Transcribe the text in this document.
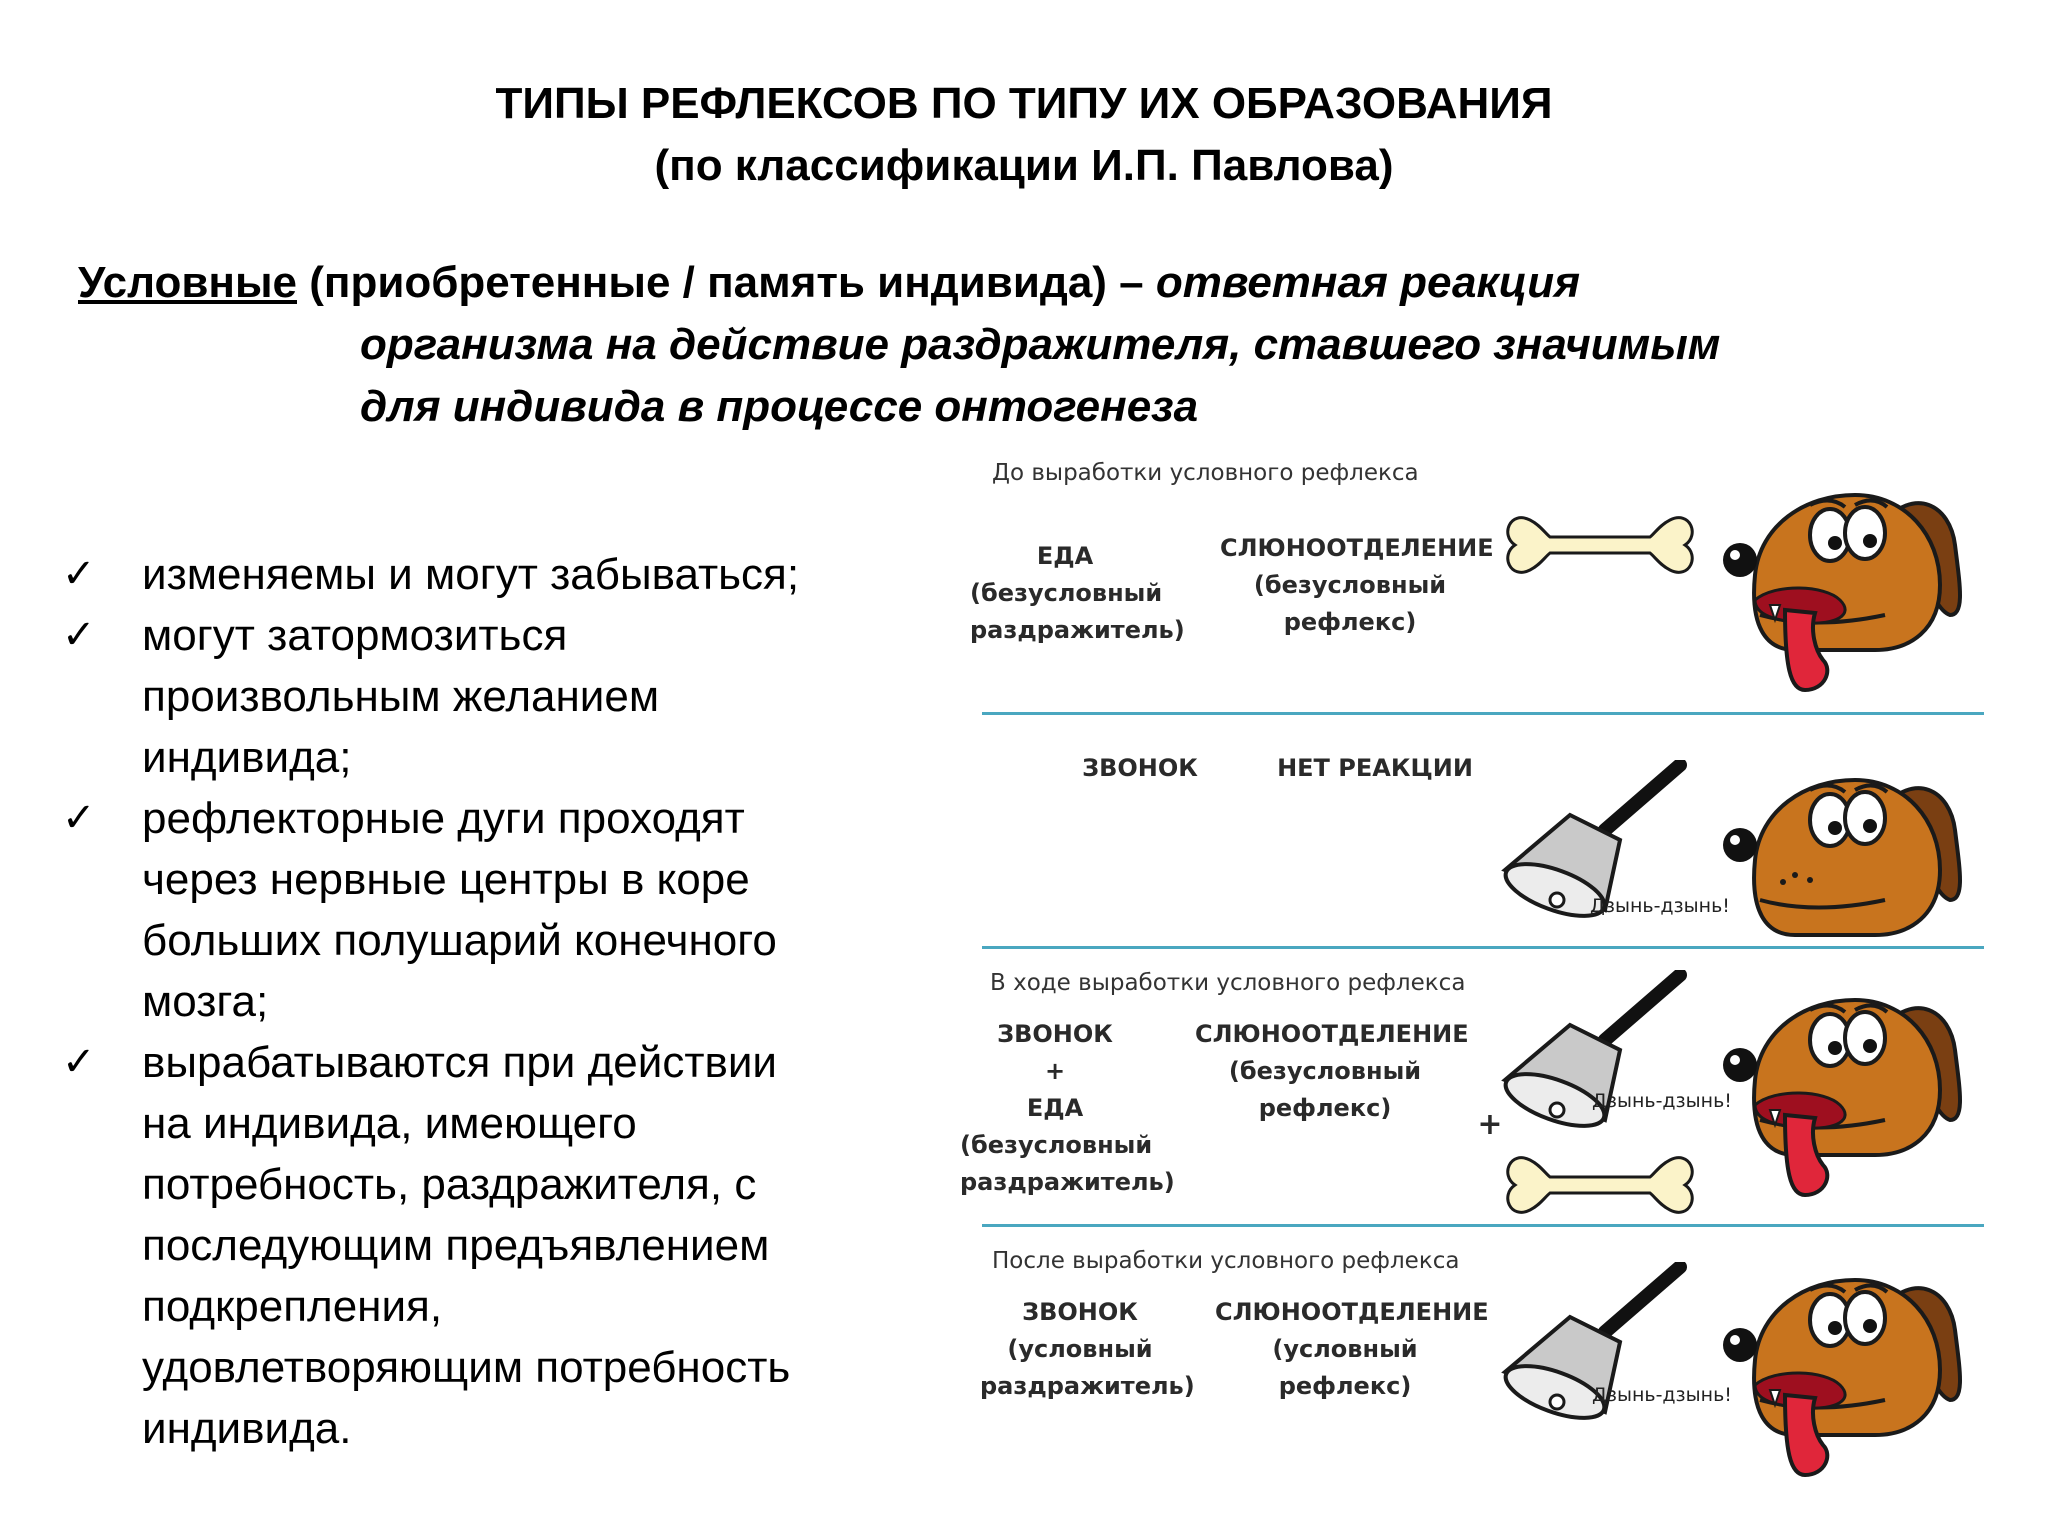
ТИПЫ РЕФЛЕКСОВ ПО ТИПУ ИХ ОБРАЗОВАНИЯ
(по классификации И.П. Павлова)
Условные (приобретенные / память индивида) – ответная реакция
организма на действие раздражителя, ставшего значимым
для индивида в процессе онтогенеза
✓ изменяемы и могут забываться;
✓ могут затормозиться
произвольным желанием
индивида;
✓ рефлекторные дуги проходят
через нервные центры в коре
больших полушарий конечного
мозга;
✓ вырабатываются при действии
на индивида, имеющего
потребность, раздражителя, с
последующим предъявлением
подкрепления,
удовлетворяющим потребность
индивида.
До выработки условного рефлекса
ЕДА
(безусловный
раздражитель)
СЛЮНООТДЕЛЕНИЕ
(безусловный
рефлекс)
ЗВОНОК	НЕТ РЕАКЦИИ
Дзынь-дзынь!
В ходе выработки условного рефлекса
ЗВОНОК
+
ЕДА
(безусловный
раздражитель)
СЛЮНООТДЕЛЕНИЕ
(безусловный
рефлекс)	Дзынь-дзынь!
+
После выработки условного рефлекса
ЗВОНОК
(условный
раздражитель)
СЛЮНООТДЕЛЕНИЕ
(условный
рефлекс)	Дзынь-дзынь!
